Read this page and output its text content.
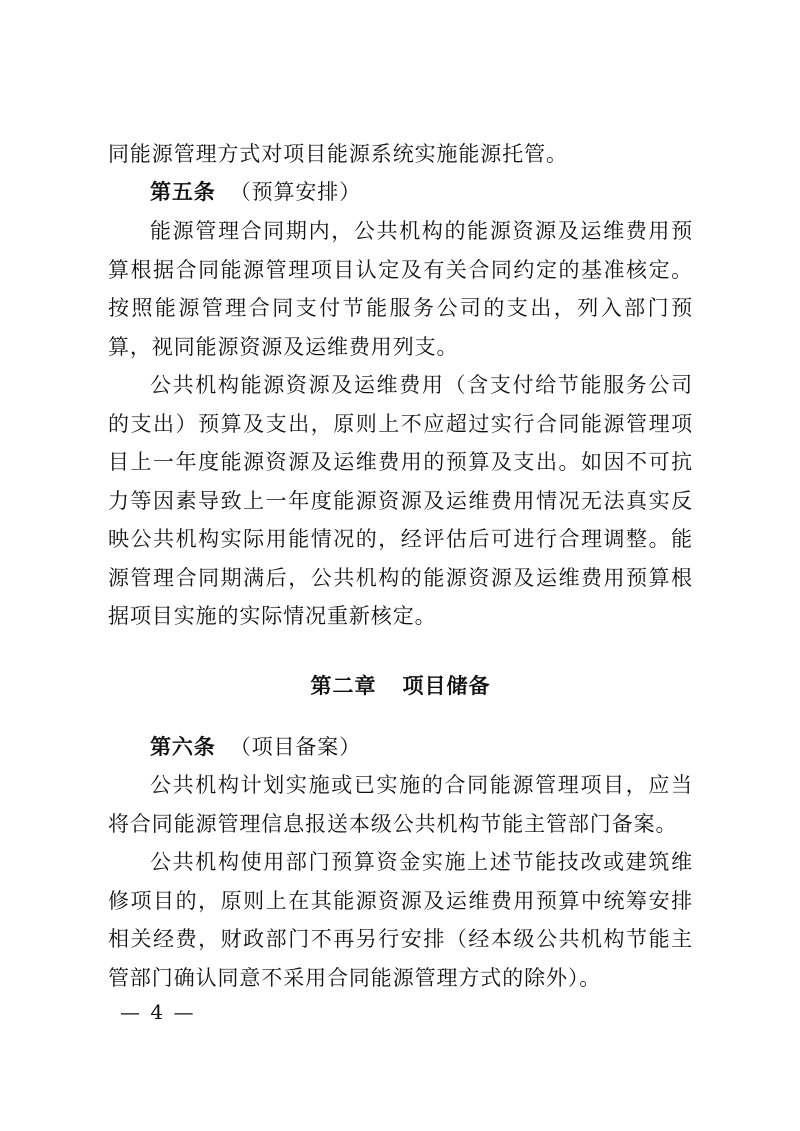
同能源管理方式对项目能源系统实施能源托管。

第五条 （预算安排）

能源管理合同期内，公共机构的能源资源及运维费用预算根据合同能源管理项目认定及有关合同约定的基准核定。按照能源管理合同支付节能服务公司的支出，列入部门预算，视同能源资源及运维费用列支。

公共机构能源资源及运维费用（含支付给节能服务公司的支出）预算及支出，原则上不应超过实行合同能源管理项目上一年度能源资源及运维费用的预算及支出。如因不可抗力等因素导致上一年度能源资源及运维费用情况无法真实反映公共机构实际用能情况的，经评估后可进行合理调整。能源管理合同期满后，公共机构的能源资源及运维费用预算根据项目实施的实际情况重新核定。

第二章 项目储备

第六条 （项目备案）

公共机构计划实施或已实施的合同能源管理项目，应当将合同能源管理信息报送本级公共机构节能主管部门备案。

公共机构使用部门预算资金实施上述节能技改或建筑维修项目的，原则上在其能源资源及运维费用预算中统筹安排相关经费，财政部门不再另行安排（经本级公共机构节能主管部门确认同意不采用合同能源管理方式的除外）。

— 4 —
